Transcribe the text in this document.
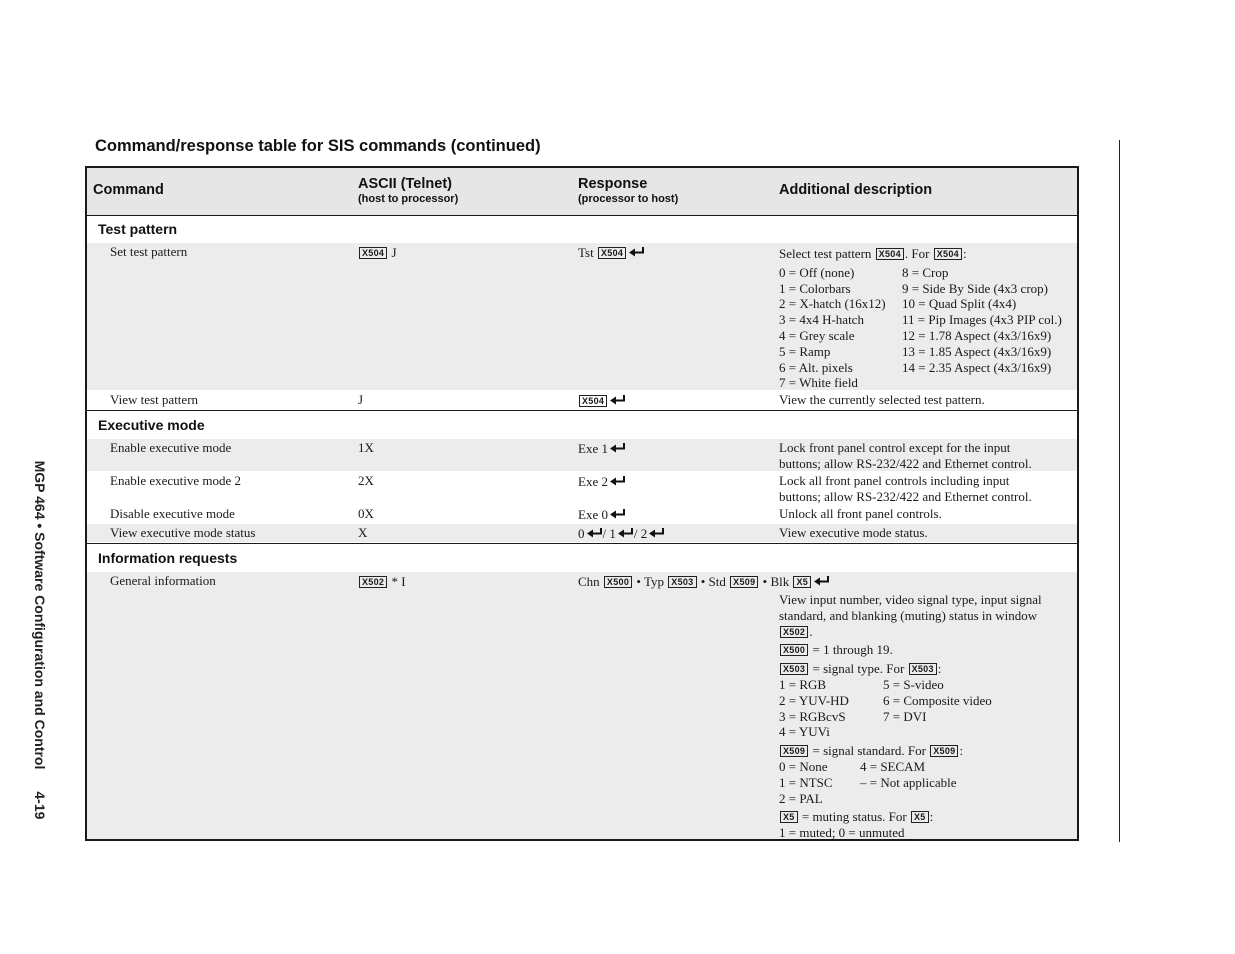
Command/response table for SIS commands (continued)
MGP 464 • Software Configuration and Control4-19
Command	ASCII (Telnet)
(host to processor)
Response
(processor to host)
Additional description
Test pattern
Set test pattern	X504 J	Tst X504	Select test pattern X504 . For X504 :
0 = Off (none)	8 = Crop
1 = Colorbars	9 = Side By Side (4x3 crop)
2 = X-hatch (16x12)	10 = Quad Split (4x4)
3 = 4x4 H-hatch	11 = Pip Images (4x3 PIP col.)
4 = Grey scale	12 = 1.78 Aspect (4x3/16x9)
5 = Ramp	13 = 1.85 Aspect (4x3/16x9)
6 = Alt. pixels	14 = 2.35 Aspect (4x3/16x9)
7 = White field
View test pattern	J	X504	View the currently selected test pattern.
Executive mode
Enable executive mode	1X	Exe 1	Lock front panel control except for the input
buttons; allow RS-232/422 and Ethernet control.
Enable executive mode 2	2X	Exe 2	Lock all front panel controls including input
buttons; allow RS-232/422 and Ethernet control.
Disable executive mode	0X	Exe 0	Unlock all front panel controls.
View executive mode status	X	0 / 1 / 2	View executive mode status.
Information requests
General information	X502 * I	Chn X500 • Typ X503 • Std X509 • Blk X5
View input number, video signal type, input signal
standard, and blanking (muting) status in window
X502 .
X500 = 1 through 19.
X503 = signal type. For X503 :
1 = RGB	5 = S-video
2 = YUV-HD	6 = Composite video
3 = RGBcvS	7 = DVI
4 = YUVi
X509 = signal standard. For X509 :
0 = None	4 = SECAM
1 = NTSC	– = Not applicable
2 = PAL
X5 = muting status. For X5 :
1 = muted; 0 = unmuted
